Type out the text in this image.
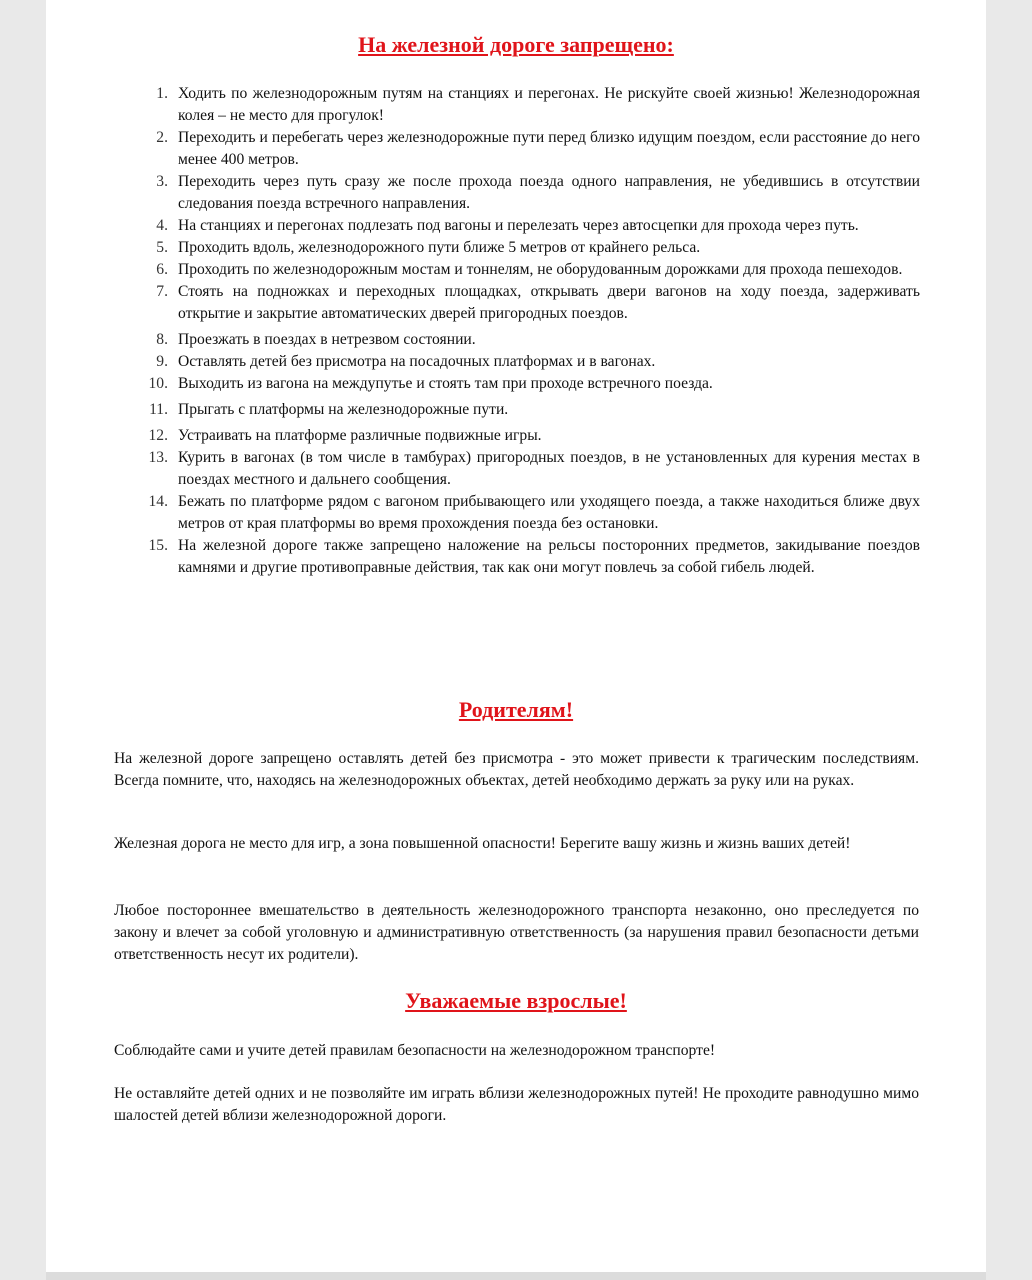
На железной дороге запрещено:
1. Ходить по железнодорожным путям на станциях и перегонах. Не рискуйте своей жизнью! Железнодорожная колея – не место для прогулок!
2. Переходить и перебегать через железнодорожные пути перед близко идущим поездом, если расстояние до него менее 400 метров.
3. Переходить через путь сразу же после прохода поезда одного направления, не убедившись в отсутствии следования поезда встречного направления.
4. На станциях и перегонах подлезать под вагоны и перелезать через автосцепки для прохода через путь.
5. Проходить вдоль, железнодорожного пути ближе 5 метров от крайнего рельса.
6. Проходить по железнодорожным мостам и тоннелям, не оборудованным дорожками для прохода пешеходов.
7. Стоять на подножках и переходных площадках, открывать двери вагонов на ходу поезда, задерживать открытие и закрытие автоматических дверей пригородных поездов.
8. Проезжать в поездах в нетрезвом состоянии.
9. Оставлять детей без присмотра на посадочных платформах и в вагонах.
10. Выходить из вагона на междупутье и стоять там при проходе встречного поезда.
11. Прыгать с платформы на железнодорожные пути.
12. Устраивать на платформе различные подвижные игры.
13. Курить в вагонах (в том числе в тамбурах) пригородных поездов, в не установленных для курения местах в поездах местного и дальнего сообщения.
14. Бежать по платформе рядом с вагоном прибывающего или уходящего поезда, а также находиться ближе двух метров от края платформы во время прохождения поезда без остановки.
15. На железной дороге также запрещено наложение на рельсы посторонних предметов, закидывание поездов камнями и другие противоправные действия, так как они могут повлечь за собой гибель людей.
Родителям!
На железной дороге запрещено оставлять детей без присмотра - это может привести к трагическим последствиям. Всегда помните, что, находясь на железнодорожных объектах, детей необходимо держать за руку или на руках.
Железная дорога не место для игр, а зона повышенной опасности! Берегите вашу жизнь и жизнь ваших детей!
Любое постороннее вмешательство в деятельность железнодорожного транспорта незаконно, оно преследуется по закону и влечет за собой уголовную и административную ответственность (за нарушения правил безопасности детьми ответственность несут их родители).
Уважаемые взрослые!
Соблюдайте сами и учите детей правилам безопасности на железнодорожном транспорте!
Не оставляйте детей одних и не позволяйте им играть вблизи железнодорожных путей! Не проходите равнодушно мимо шалостей детей вблизи железнодорожной дороги.
